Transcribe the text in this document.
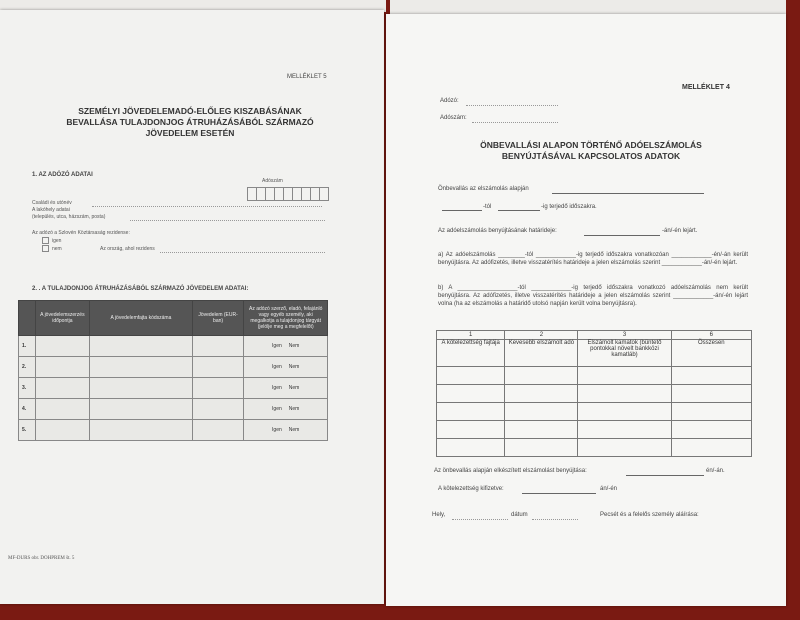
MELLÉKLET 5
SZEMÉLYI JÖVEDELEMADÓ-ELŐLEG KISZABÁSÁNAK
BEVALLÁSA TULAJDONJOG ÁTRUHÁZÁSÁBÓL SZÁRMAZÓ
JÖVEDELEM ESETÉN
1. AZ ADÓZÓ ADATAI
Adószám
Családi és utónév
A lakóhely adatai
(település, utca, házszám, posta)
Az adózó a Szlovén Köztársaság rezidense:
igen
nem	Az ország, ahol rezidens
2. . A TULAJDONJOG ÁTRUHÁZÁSÁBÓL SZÁRMAZÓ JÖVEDELEM ADATAI:
	A jövedelemszerzés időpontja	A jövedelemfajta kódszáma	Jövedelem (EUR-ban)	Az adózó szerző, eladó, felajánló vagy egyéb személy, aki megalkotja a tulajdonjog tárgyát (jelölje meg a megfelelőt)
1.				Igen Nem
2.				Igen Nem
3.				Igen Nem
4.				Igen Nem
5.				Igen Nem
MF-DURS obr. DOHPREM št. 5
MELLÉKLET 4
Adózó:
Adószám:
ÖNBEVALLÁSI ALAPON TÖRTÉNŐ ADÓELSZÁMOLÁS
BENYÚJTÁSÁVAL KAPCSOLATOS ADATOK
Önbevallás az elszámolás alapján
-tól	-ig terjedő időszakra.
Az adóelszámolás benyújtásának határideje:	-án/-én lejárt.
a) Az adóelszámolás ________-tól ____________-ig terjedő időszakra vonatkozóan ____________-én/-án került benyújtásra. Az adófizetés, illetve visszatérítés határideje a jelen elszámolás szerint ____________-án/-én lejárt.
b) A __________________-tól ____________-ig terjedő időszakra vonatkozó adóelszámolás nem került benyújtásra. Az adófizetés, illetve visszatérítés határideje a jelen elszámolás szerint ____________-án/-én lejárt volna (ha az elszámolás a határidő utolsó napján került volna benyújtásra).
1	2	3	6
A kötelezettség fajtája	Kevesebb elszámolt adó	Elszámolt kamatok (büntető pontokkal növelt bankközi kamatláb)	Összesen

Az önbevallás alapján elkészített elszámolást benyújtása:	én/-án.
A kötelezettség kifizetve:	án/-én
Hely,	dátum	Pecsét és a felelős személy aláírása:
